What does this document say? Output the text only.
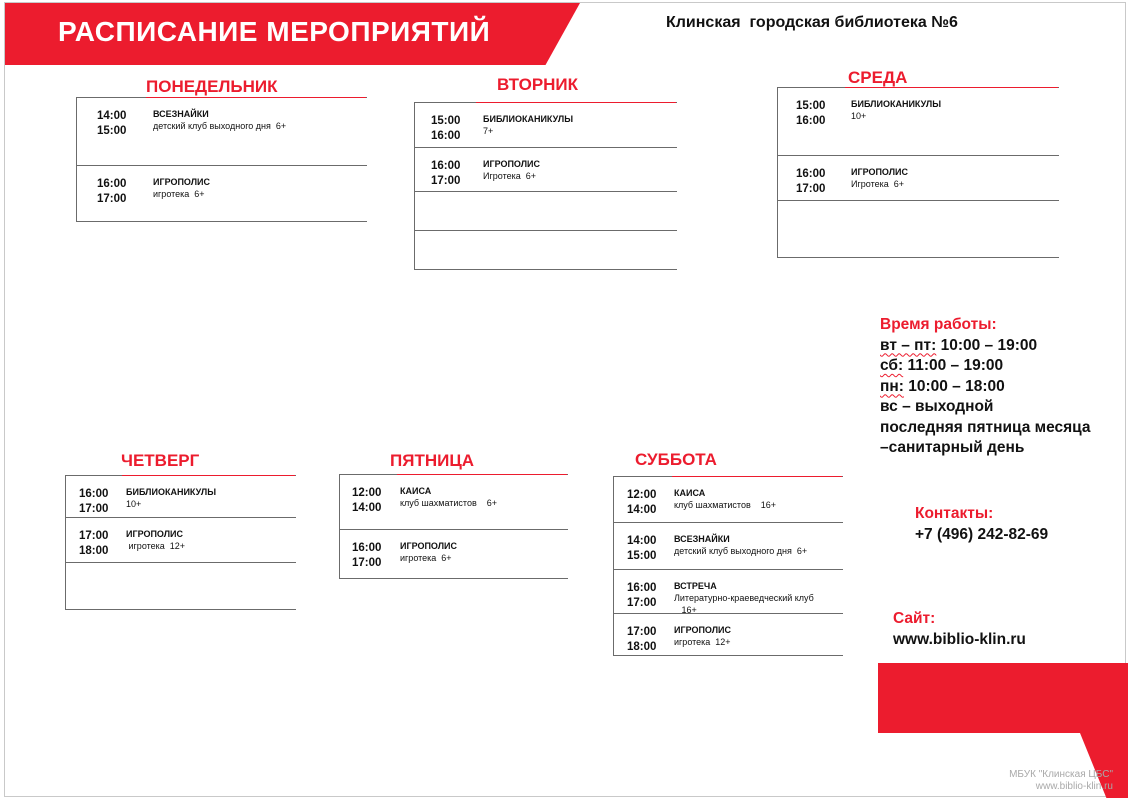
РАСПИСАНИЕ МЕРОПРИЯТИЙ	Клинская  городская библиотека №6
ПОНЕДЕЛЬНИК
14:00
15:00
ВСЕЗНАЙКИ
детский клуб выходного дня  6+
16:00
17:00
ИГРОПОЛИС
игротека  6+
ВТОРНИК
15:00
16:00
БИБЛИОКАНИКУЛЫ
7+
16:00
17:00
ИГРОПОЛИС
Игротека  6+
СРЕДА
15:00
16:00
БИБЛИОКАНИКУЛЫ
10+
16:00
17:00
ИГРОПОЛИС
Игротека  6+
ЧЕТВЕРГ
16:00
17:00
БИБЛИОКАНИКУЛЫ
10+
17:00
18:00
ИГРОПОЛИС
игротека  12+
ПЯТНИЦА
12:00
14:00
КАИСА
клуб шахматистов    6+
16:00
17:00
ИГРОПОЛИС
игротека  6+
СУББОТА
12:00
14:00
КАИСА
клуб шахматистов    16+
14:00
15:00
ВСЕЗНАЙКИ
детский клуб выходного дня  6+
16:00
17:00
ВСТРЕЧА
Литературно-краеведческий клуб
16+
17:00
18:00
ИГРОПОЛИС
игротека  12+
Время работы:
вт – пт: 10:00 – 19:00
сб: 11:00 – 19:00
пн: 10:00 – 18:00
вс – выходной
последняя пятница месяца
–санитарный день
Контакты:
+7 (496) 242-82-69
Сайт:
www.biblio-klin.ru
МБУК "Клинская ЦБС"
www.biblio-klin.ru
